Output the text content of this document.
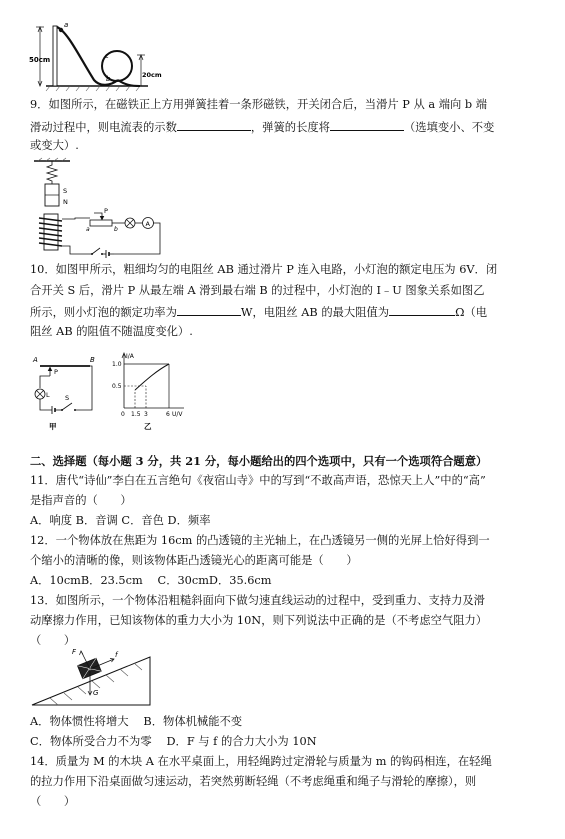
50cm
a
c
b	20cm
9．如图所示，在磁铁正上方用弹簧挂着一条形磁铁，开关闭合后，当滑片 P 从 a 端向 b 端
滑动过程中，则电流表的示数	，弹簧的长度将	（选填变小、不变
或变大）.
S
N
P
a	b
A
10．如图甲所示，粗细均匀的电阻丝 AB 通过滑片 P 连入电路，小灯泡的额定电压为 6V．闭
合开关 S 后，滑片 P 从最左端 A 滑到最右端 B 的过程中，小灯泡的 I﹣U 图象关系如图乙
所示，则小灯泡的额定功率为	W，电阻丝 AB 的最大阻值为	Ω（电
阻丝 AB 的阻值不随温度变化）.
A	B
P
L S
甲
I/A
U/V
1.0
0.5
0 1.5 3	6
乙
二、选择题（每小题 3 分，共 21 分，每小题给出的四个选项中，只有一个选项符合题意）
11．唐代“诗仙”李白在五言绝句《夜宿山寺》中的写到“不敢高声语，恐惊天上人”中的“高”
是指声音的（　　）
A．响度 B．音调 C．音色 D．频率
12．一个物体放在焦距为 16cm 的凸透镜的主光轴上，在凸透镜另一侧的光屏上恰好得到一
个缩小的清晰的像，则该物体距凸透镜光心的距离可能是（　　）
A．10cmB．23.5cm　 C．30cmD．35.6cm
13．如图所示，一个物体沿粗糙斜面向下做匀速直线运动的过程中，受到重力、支持力及滑
动摩擦力作用，已知该物体的重力大小为 10N，则下列说法中正确的是（不考虑空气阻力）
（　　）
F	f
G
A．物体惯性将增大　 B．物体机械能不变
C．物体所受合力不为零　 D．F 与 f 的合力大小为 10N
14．质量为 M 的木块 A 在水平桌面上，用轻绳跨过定滑轮与质量为 m 的钩码相连，在轻绳
的拉力作用下沿桌面做匀速运动，若突然剪断轻绳（不考虑绳重和绳子与滑轮的摩擦），则
（　　）
